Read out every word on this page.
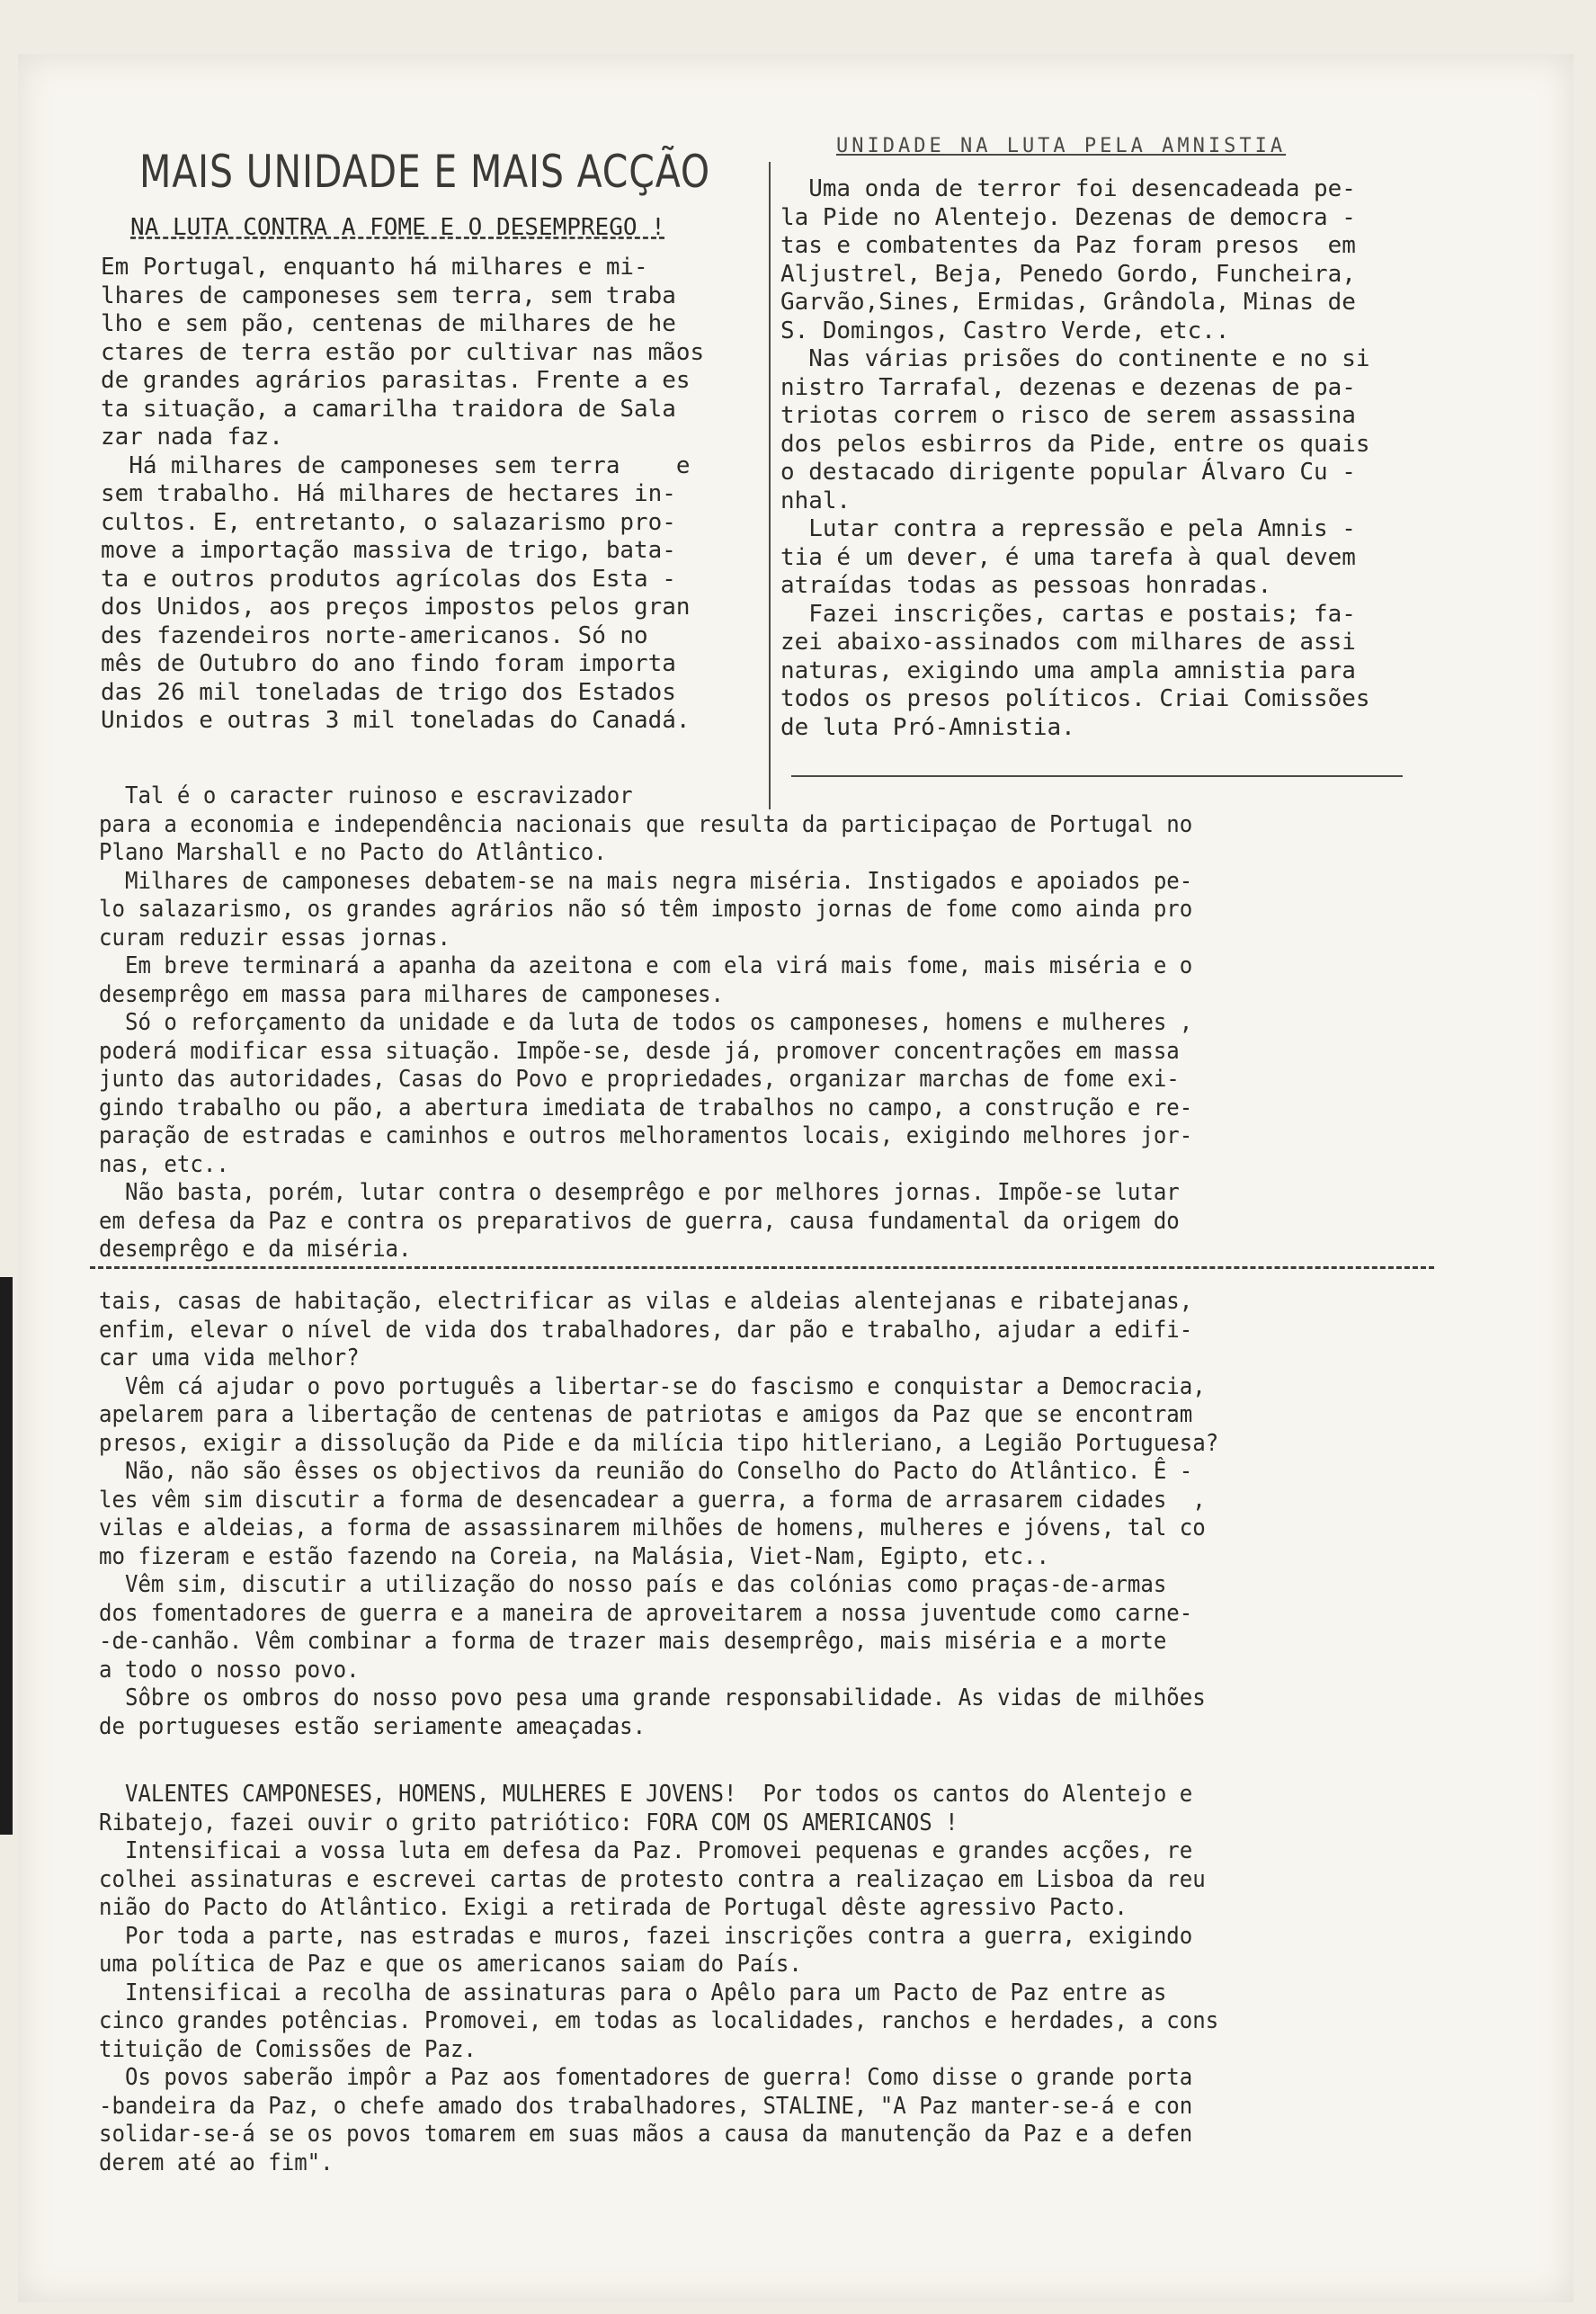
MAIS UNIDADE E MAIS ACÇÃO
NA LUTA CONTRA A FOME E O DESEMPREGO !
UNIDADE NA LUTA PELA AMNISTIA
Em Portugal, enquanto há milhares e mi-
lhares de camponeses sem terra, sem traba
lho e sem pão, centenas de milhares de he
ctares de terra estão por cultivar nas mãos
de grandes agrários parasitas. Frente a es
ta situação, a camarilha traidora de Sala
zar nada faz.
Há milhares de camponeses sem terra    e
sem trabalho. Há milhares de hectares in-
cultos. E, entretanto, o salazarismo pro-
move a importação massiva de trigo, bata-
ta e outros produtos agrícolas dos Esta -
dos Unidos, aos preços impostos pelos gran
des fazendeiros norte-americanos. Só no
mês de Outubro do ano findo foram importa
das 26 mil toneladas de trigo dos Estados
Unidos e outras 3 mil toneladas do Canadá.
Uma onda de terror foi desencadeada pe-
la Pide no Alentejo. Dezenas de democra -
tas e combatentes da Paz foram presos  em
Aljustrel, Beja, Penedo Gordo, Funcheira,
Garvão,Sines, Ermidas, Grândola, Minas de
S. Domingos, Castro Verde, etc..
Nas várias prisões do continente e no si
nistro Tarrafal, dezenas e dezenas de pa-
triotas correm o risco de serem assassina
dos pelos esbirros da Pide, entre os quais
o destacado dirigente popular Álvaro Cu -
nhal.
Lutar contra a repressão e pela Amnis -
tia é um dever, é uma tarefa à qual devem
atraídas todas as pessoas honradas.
Fazei inscrições, cartas e postais; fa-
zei abaixo-assinados com milhares de assi
naturas, exigindo uma ampla amnistia para
todos os presos políticos. Criai Comissões
de luta Pró-Amnistia.
Tal é o caracter ruinoso e escravizador
para a economia e independência nacionais que resulta da participaçao de Portugal no
Plano Marshall e no Pacto do Atlântico.
Milhares de camponeses debatem-se na mais negra miséria. Instigados e apoiados pe-
lo salazarismo, os grandes agrários não só têm imposto jornas de fome como ainda pro
curam reduzir essas jornas.
Em breve terminará a apanha da azeitona e com ela virá mais fome, mais miséria e o
desemprêgo em massa para milhares de camponeses.
Só o reforçamento da unidade e da luta de todos os camponeses, homens e mulheres ,
poderá modificar essa situação. Impõe-se, desde já, promover concentrações em massa
junto das autoridades, Casas do Povo e propriedades, organizar marchas de fome exi-
gindo trabalho ou pão, a abertura imediata de trabalhos no campo, a construção e re-
paração de estradas e caminhos e outros melhoramentos locais, exigindo melhores jor-
nas, etc..
Não basta, porém, lutar contra o desemprêgo e por melhores jornas. Impõe-se lutar
em defesa da Paz e contra os preparativos de guerra, causa fundamental da origem do
desemprêgo e da miséria.
tais, casas de habitação, electrificar as vilas e aldeias alentejanas e ribatejanas,
enfim, elevar o nível de vida dos trabalhadores, dar pão e trabalho, ajudar a edifi-
car uma vida melhor?
Vêm cá ajudar o povo português a libertar-se do fascismo e conquistar a Democracia,
apelarem para a libertação de centenas de patriotas e amigos da Paz que se encontram
presos, exigir a dissolução da Pide e da milícia tipo hitleriano, a Legião Portuguesa?
Não, não são êsses os objectivos da reunião do Conselho do Pacto do Atlântico. Ê -
les vêm sim discutir a forma de desencadear a guerra, a forma de arrasarem cidades  ,
vilas e aldeias, a forma de assassinarem milhões de homens, mulheres e jóvens, tal co
mo fizeram e estão fazendo na Coreia, na Malásia, Viet-Nam, Egipto, etc..
Vêm sim, discutir a utilização do nosso país e das colónias como praças-de-armas
dos fomentadores de guerra e a maneira de aproveitarem a nossa juventude como carne-
-de-canhão. Vêm combinar a forma de trazer mais desemprêgo, mais miséria e a morte
a todo o nosso povo.
Sôbre os ombros do nosso povo pesa uma grande responsabilidade. As vidas de milhões
de portugueses estão seriamente ameaçadas.
VALENTES CAMPONESES, HOMENS, MULHERES E JOVENS!  Por todos os cantos do Alentejo e
Ribatejo, fazei ouvir o grito patriótico: FORA COM OS AMERICANOS !
Intensificai a vossa luta em defesa da Paz. Promovei pequenas e grandes acções, re
colhei assinaturas e escrevei cartas de protesto contra a realizaçao em Lisboa da reu
nião do Pacto do Atlântico. Exigi a retirada de Portugal dêste agressivo Pacto.
Por toda a parte, nas estradas e muros, fazei inscrições contra a guerra, exigindo
uma política de Paz e que os americanos saiam do País.
Intensificai a recolha de assinaturas para o Apêlo para um Pacto de Paz entre as
cinco grandes potências. Promovei, em todas as localidades, ranchos e herdades, a cons
tituição de Comissões de Paz.
Os povos saberão impôr a Paz aos fomentadores de guerra! Como disse o grande porta
-bandeira da Paz, o chefe amado dos trabalhadores, STALINE, "A Paz manter-se-á e con
solidar-se-á se os povos tomarem em suas mãos a causa da manutenção da Paz e a defen
derem até ao fim".
